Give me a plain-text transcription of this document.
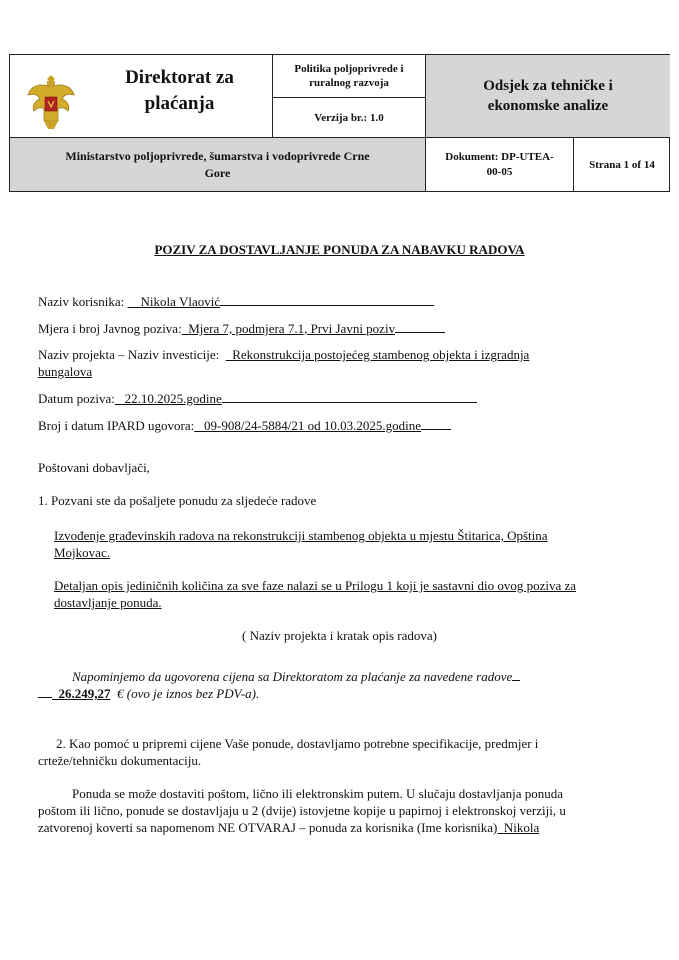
Direktorat za
plaćanja
Politika poljoprivrede i
ruralnog razvoja
Verzija br.: 1.0
Odsjek za tehničke i
ekonomske analize
Ministarstvo poljoprivrede, šumarstva i vodoprivrede Crne
Gore
Dokument: DP-UTEA-
00-05
Strana 1 of 14
POZIV ZA DOSTAVLJANJE PONUDA ZA NABAVKU RADOVA
Naziv korisnika: Nikola Vlaović
Mjera i broj Javnog poziva: Mjera 7, podmjera 7.1, Prvi Javni poziv
Naziv projekta – Naziv investicije: Rekonstrukcija postojećeg stambenog objekta i izgradnja
bungalova
Datum poziva: 22.10.2025.godine
Broj i datum IPARD ugovora: 09-908/24-5884/21 od 10.03.2025.godine
Poštovani dobavljači,
1. Pozvani ste da pošaljete ponudu za sljedeće radove
Izvođenje građevinskih radova na rekonstrukciji stambenog objekta u mjestu Štitarica, Opština
Mojkovac.
Detaljan opis jediničnih količina za sve faze nalazi se u Prilogu 1 koji je sastavni dio ovog poziva za
dostavljanje ponuda.
( Naziv projekta i kratak opis radova)
Napominjemo da ugovorena cijena sa Direktoratom za plaćanje za navedene radove
26.249,27 € (ovo je iznos bez PDV-a).
2. Kao pomoć u pripremi cijene Vaše ponude, dostavljamo potrebne specifikacije, predmjer i
crteže/tehničku dokumentaciju.
Ponuda se može dostaviti poštom, lično ili elektronskim putem. U slučaju dostavljanja ponuda
poštom ili lično, ponude se dostavljaju u 2 (dvije) istovjetne kopije u papirnoj i elektronskoj verziji, u
zatvorenoj koverti sa napomenom NE OTVARAJ – ponuda za korisnika (Ime korisnika) Nikola
